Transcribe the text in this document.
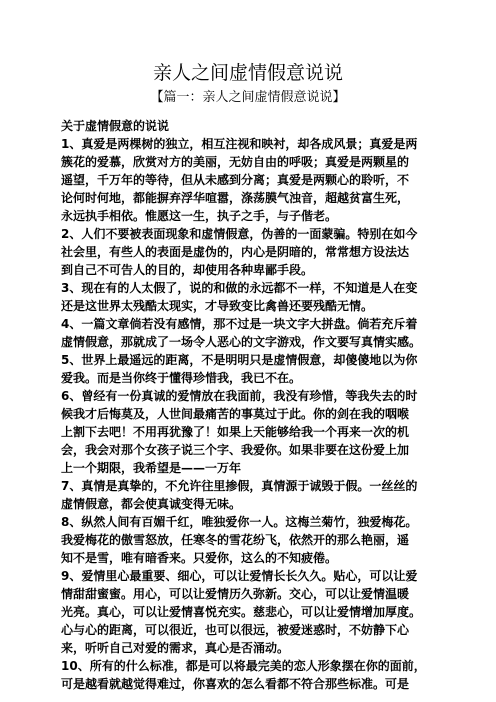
亲人之间虚情假意说说
【篇一：亲人之间虚情假意说说】
关于虚情假意的说说
1、真爱是两棵树的独立，相互注视和映衬，却各成风景；真爱是两
簇花的爱慕，欣赏对方的美丽，无妨自由的呼吸；真爱是两颗星的
遥望，千万年的等待，但从未感到分离；真爱是两颗心的聆听，不
论何时何地，都能摒弃浮华喧嚣，涤荡膜气浊音，超越贫富生死，
永远执手相依。惟愿这一生，执子之手，与子偕老。
2、人们不要被表面现象和虚情假意，伪善的一面蒙骗。特别在如今
社会里，有些人的表面是虚伪的，内心是阴暗的，常常想方设法达
到自己不可告人的目的，却使用各种卑鄙手段。
3、现在有的人太假了，说的和做的永远都不一样，不知道是人在变
还是这世界太残酷太现实，才导致变比禽兽还要残酷无情。
4、一篇文章倘若没有感情，那不过是一块文字大拼盘。倘若充斥着
虚情假意，那就成了一场令人恶心的文字游戏，作文要写真情实感。
5、世界上最遥远的距离，不是明明只是虚情假意，却傻傻地以为你
爱我。而是当你终于懂得珍惜我，我已不在。
6、曾经有一份真诚的爱情放在我面前，我没有珍惜，等我失去的时
候我才后悔莫及，人世间最痛苦的事莫过于此。你的剑在我的咽喉
上割下去吧！不用再犹豫了！如果上天能够给我一个再来一次的机
会，我会对那个女孩子说三个字、我爱你。如果非要在这份爱上加
上一个期限，我希望是——一万年
7、真情是真挚的，不允许往里掺假，真情源于诚毁于假。一丝丝的
虚情假意，都会使真诚变得无味。
8、纵然人间有百媚千红，唯独爱你一人。这梅兰菊竹，独爱梅花。
我爱梅花的傲雪怒放，任寒冬的雪花纷飞，依然开的那么艳丽，遥
知不是雪，唯有暗香来。只爱你，这么的不知疲倦。
9、爱情里心最重要、细心，可以让爱情长长久久。贴心，可以让爱
情甜甜蜜蜜。用心，可以让爱情历久弥新。交心，可以让爱情温暖
光亮。真心，可以让爱情喜悦充实。慈悲心，可以让爱情增加厚度。
心与心的距离，可以很近，也可以很远，被爱迷惑时，不妨静下心
来，听听自己对爱的需求，真心是否涌动。
10、所有的什么标准，都是可以将最完美的恋人形象摆在你的面前，
可是越看就越觉得难过，你喜欢的怎么看都不符合那些标准。可是
